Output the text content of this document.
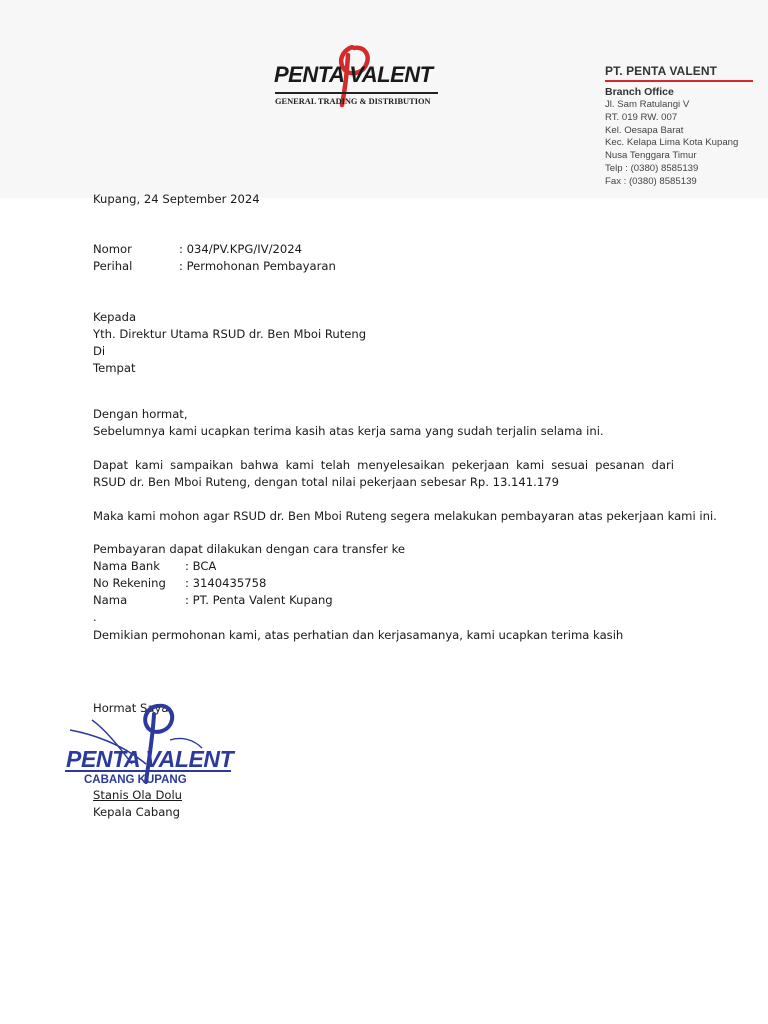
PENTA VALENT
GENERAL TRADING & DISTRIBUTION
PT. PENTA VALENT
Branch Office
Jl. Sam Ratulangi V
RT. 019 RW. 007
Kel. Oesapa Barat
Kec. Kelapa Lima Kota Kupang
Nusa Tenggara Timur
Telp : (0380) 8585139
Fax : (0380) 8585139
Kupang, 24 September 2024
Nomor	: 034/PV.KPG/IV/2024
Perihal	: Permohonan Pembayaran
Kepada
Yth. Direktur Utama RSUD dr. Ben Mboi Ruteng
Di
Tempat
Dengan hormat,
Sebelumnya kami ucapkan terima kasih atas kerja sama yang sudah terjalin selama ini.
Dapat kami sampaikan bahwa kami telah menyelesaikan pekerjaan kami sesuai pesanan dari RSUD dr. Ben Mboi Ruteng, dengan total nilai pekerjaan sebesar Rp. 13.141.179
Maka kami mohon agar RSUD dr. Ben Mboi Ruteng segera melakukan pembayaran atas pekerjaan kami ini.
Pembayaran dapat dilakukan dengan cara transfer ke
Nama Bank : BCA
No Rekening : 3140435758
Nama	: PT. Penta Valent Kupang
.
Demikian permohonan kami, atas perhatian dan kerjasamanya, kami ucapkan terima kasih
Hormat Saya,
PENTA VALENT
CABANG KUPANG
Stanis Ola Dolu
Kepala Cabang
